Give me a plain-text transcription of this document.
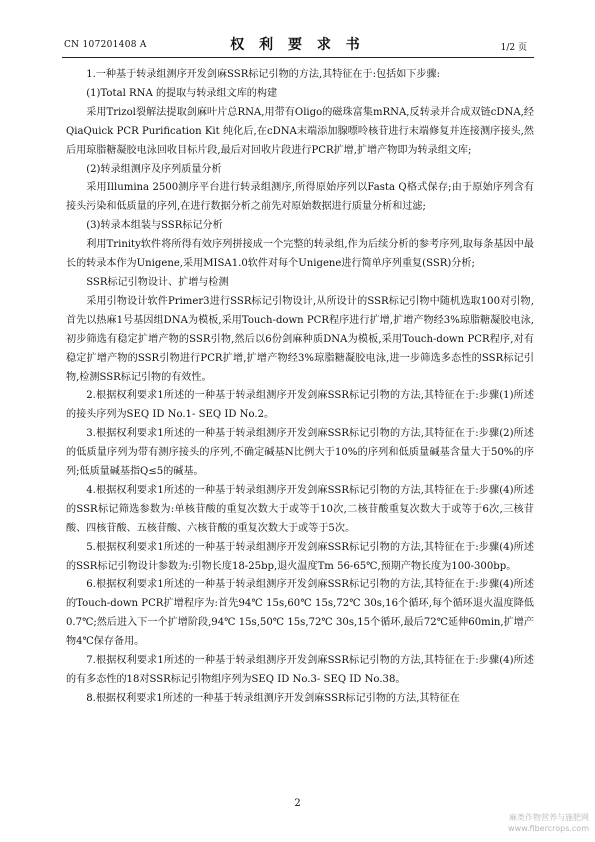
CN 107201408 A	权 利 要 求 书	1/2 页

1.一种基于转录组测序开发剑麻SSR标记引物的方法,其特征在于:包括如下步骤:

(1)Total RNA 的提取与转录组文库的构建

采用Trizol裂解法提取剑麻叶片总RNA,用带有Oligo的磁珠富集mRNA,反转录并合成双链cDNA,经QiaQuick PCR Purification Kit 纯化后,在cDNA末端添加腺嘌呤核苷进行末端修复并连接测序接头,然后用琼脂糖凝胶电泳回收目标片段,最后对回收片段进行PCR扩增,扩增产物即为转录组文库;

(2)转录组测序及序列质量分析

采用Illumina 2500测序平台进行转录组测序,所得原始序列以Fasta Q格式保存;由于原始序列含有接头污染和低质量的序列,在进行数据分析之前先对原始数据进行质量分析和过滤;

(3)转录本组装与SSR标记分析

利用Trinity软件将所得有效序列拼接成一个完整的转录组,作为后续分析的参考序列,取每条基因中最长的转录本作为Unigene,采用MISA1.0软件对每个Unigene进行简单序列重复(SSR)分析;

SSR标记引物设计、扩增与检测

采用引物设计软件Primer3进行SSR标记引物设计,从所设计的SSR标记引物中随机选取100对引物,首先以热麻1号基因组DNA为模板,采用Touch-down PCR程序进行扩增,扩增产物经3%琼脂糖凝胶电泳,初步筛选有稳定扩增产物的SSR引物,然后以6份剑麻种质DNA为模板,采用Touch-down PCR程序,对有稳定扩增产物的SSR引物进行PCR扩增,扩增产物经3%琼脂糖凝胶电泳,进一步筛选多态性的SSR标记引物,检测SSR标记引物的有效性。

2.根据权利要求1所述的一种基于转录组测序开发剑麻SSR标记引物的方法,其特征在于:步骤(1)所述的接头序列为SEQ ID No.1- SEQ ID No.2。

3.根据权利要求1所述的一种基于转录组测序开发剑麻SSR标记引物的方法,其特征在于:步骤(2)所述的低质量序列为带有测序接头的序列,不确定碱基N比例大于10%的序列和低质量碱基含量大于50%的序列;低质量碱基指Q≤5的碱基。

4.根据权利要求1所述的一种基于转录组测序开发剑麻SSR标记引物的方法,其特征在于:步骤(4)所述的SSR标记筛选参数为:单核苷酸的重复次数大于或等于10次,二核苷酸重复次数大于或等于6次,三核苷酸、四核苷酸、五核苷酸、六核苷酸的重复次数大于或等于5次。

5.根据权利要求1所述的一种基于转录组测序开发剑麻SSR标记引物的方法,其特征在于:步骤(4)所述的SSR标记引物设计参数为:引物长度18-25bp,退火温度Tm 56-65℃,预期产物长度为100-300bp。

6.根据权利要求1所述的一种基于转录组测序开发剑麻SSR标记引物的方法,其特征在于:步骤(4)所述的Touch-down PCR扩增程序为:首先94℃ 15s,60℃ 15s,72℃ 30s,16个循环,每个循环退火温度降低0.7℃;然后进入下一个扩增阶段,94℃ 15s,50℃ 15s,72℃ 30s,15个循环,最后72℃延伸60min,扩增产物4℃保存备用。

7.根据权利要求1所述的一种基于转录组测序开发剑麻SSR标记引物的方法,其特征在于:步骤(4)所述的有多态性的18对SSR标记引物组序列为SEQ ID No.3- SEQ ID No.38。

8.根据权利要求1所述的一种基于转录组测序开发剑麻SSR标记引物的方法,其特征在

2
麻类作物营养与施肥网
www.fibercrops.com
